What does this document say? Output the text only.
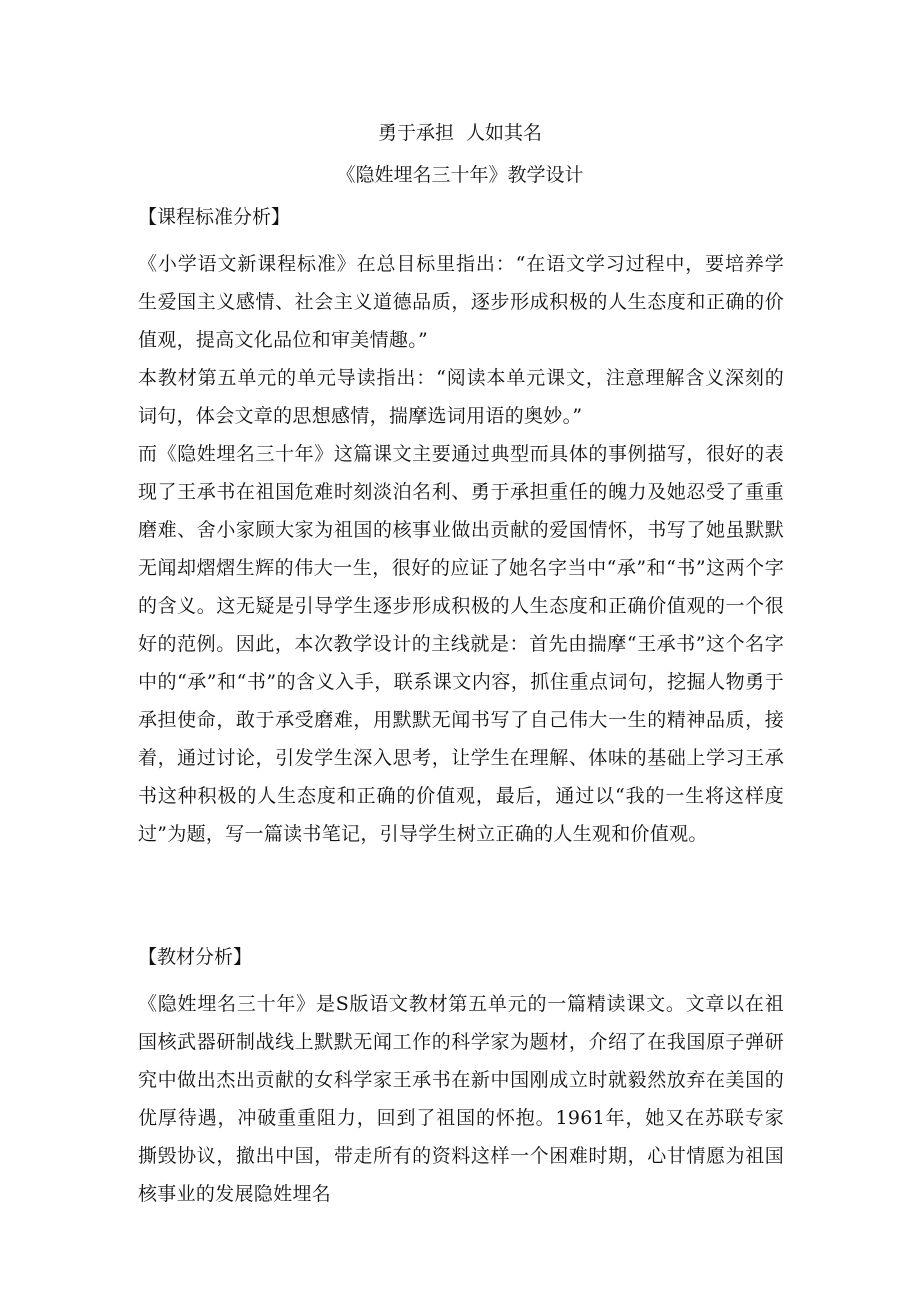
勇于承担  人如其名
《隐姓埋名三十年》教学设计
【课程标准分析】

《小学语文新课程标准》在总目标里指出：“在语文学习过程中，要培养学生爱国主义感情、社会主义道德品质，逐步形成积极的人生态度和正确的价值观，提高文化品位和审美情趣。”

本教材第五单元的单元导读指出：“阅读本单元课文，注意理解含义深刻的词句，体会文章的思想感情，揣摩选词用语的奥妙。”

而《隐姓埋名三十年》这篇课文主要通过典型而具体的事例描写，很好的表现了王承书在祖国危难时刻淡泊名利、勇于承担重任的魄力及她忍受了重重磨难、舍小家顾大家为祖国的核事业做出贡献的爱国情怀，书写了她虽默默无闻却熠熠生辉的伟大一生，很好的应证了她名字当中“承”和“书”这两个字的含义。这无疑是引导学生逐步形成积极的人生态度和正确价值观的一个很好的范例。因此，本次教学设计的主线就是：首先由揣摩“王承书”这个名字中的“承”和“书”的含义入手，联系课文内容，抓住重点词句，挖掘人物勇于承担使命，敢于承受磨难，用默默无闻书写了自己伟大一生的精神品质，接着，通过讨论，引发学生深入思考，让学生在理解、体味的基础上学习王承书这种积极的人生态度和正确的价值观，最后，通过以“我的一生将这样度过”为题，写一篇读书笔记，引导学生树立正确的人生观和价值观。

【教材分析】

《隐姓埋名三十年》是S版语文教材第五单元的一篇精读课文。文章以在祖国核武器研制战线上默默无闻工作的科学家为题材，介绍了在我国原子弹研究中做出杰出贡献的女科学家王承书在新中国刚成立时就毅然放弃在美国的优厚待遇，冲破重重阻力，回到了祖国的怀抱。1961年，她又在苏联专家撕毁协议，撤出中国，带走所有的资料这样一个困难时期，心甘情愿为祖国核事业的发展隐姓埋名
